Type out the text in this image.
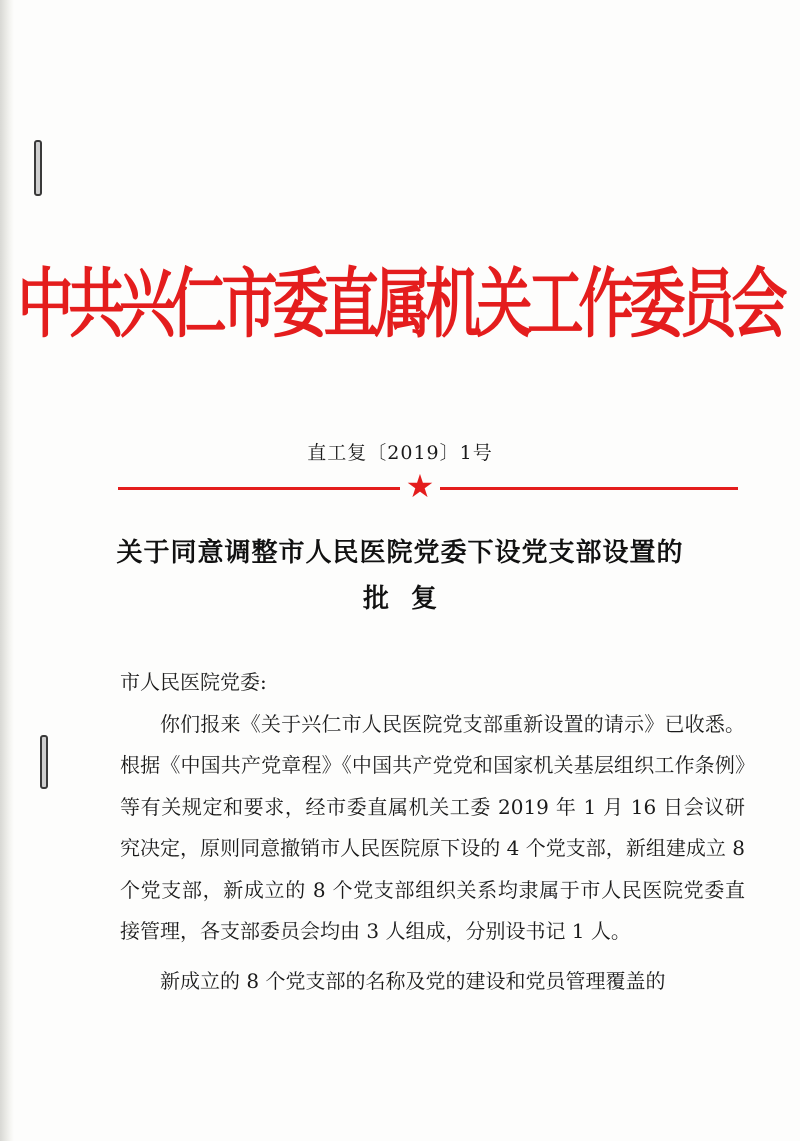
中共兴仁市委直属机关工作委员会
直工复〔2019〕1号
★
关于同意调整市人民医院党委下设党支部设置的
批复

市人民医院党委:

你们报来《关于兴仁市人民医院党支部重新设置的请示》已收悉。根据《中国共产党章程》《中国共产党党和国家机关基层组织工作条例》等有关规定和要求，经市委直属机关工委 2019 年 1 月 16 日会议研究决定，原则同意撤销市人民医院原下设的 4 个党支部，新组建成立 8 个党支部，新成立的 8 个党支部组织关系均隶属于市人民医院党委直接管理，各支部委员会均由 3 人组成，分别设书记 1 人。

新成立的 8 个党支部的名称及党的建设和党员管理覆盖的
